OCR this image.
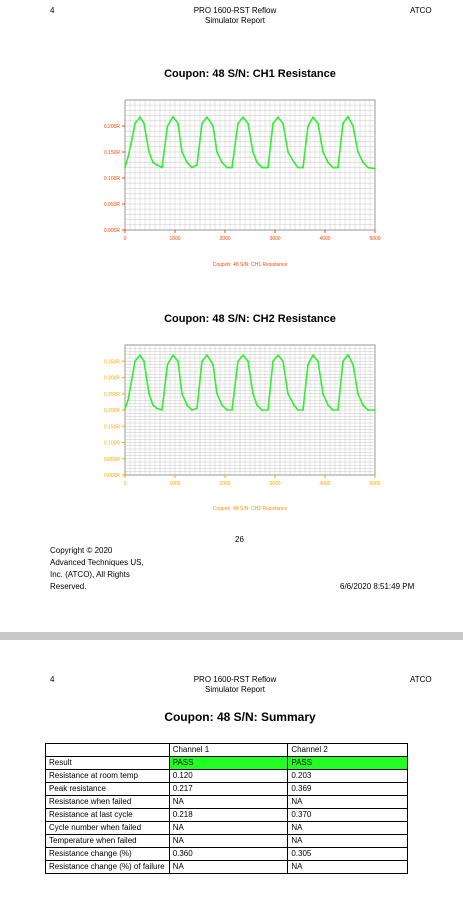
4	PRO 1600-RST Reflow
Simulator Report
ATCO
Coupon: 48 S/N: CH1 Resistance
0.000R
0.050R
0.100R
0.150R
0.200R
0	1000	2000	3000	4000	5000
Coupon: 48 S/N: CH1 Resistance
Coupon: 48 S/N: CH2 Resistance
0.000R
0.050R
0.100R
0.150R
0.200R
0.250R
0.300R
0.350R
0	1000	2000	3000	4000	5000
Coupon: 48 S/N: CH2 Resistance
26
Copyright © 2020
Advanced Techniques US,
Inc. (ATCO), All Rights
Reserved.	6/6/2020 8:51:49 PM
4	PRO 1600-RST Reflow
Simulator Report
ATCO
Coupon: 48 S/N: Summary
	Channel 1	Channel 2
Result	PASS	PASS
Resistance at room temp	0.120	0.203
Peak resistance	0.217	0.369
Resistance when failed	NA	NA
Resistance at last cycle	0.218	0.370
Cycle number when failed	NA	NA
Temperature when failed	NA	NA
Resistance change (%)	0.360	0.305
Resistance change (%) of failure	NA	NA
